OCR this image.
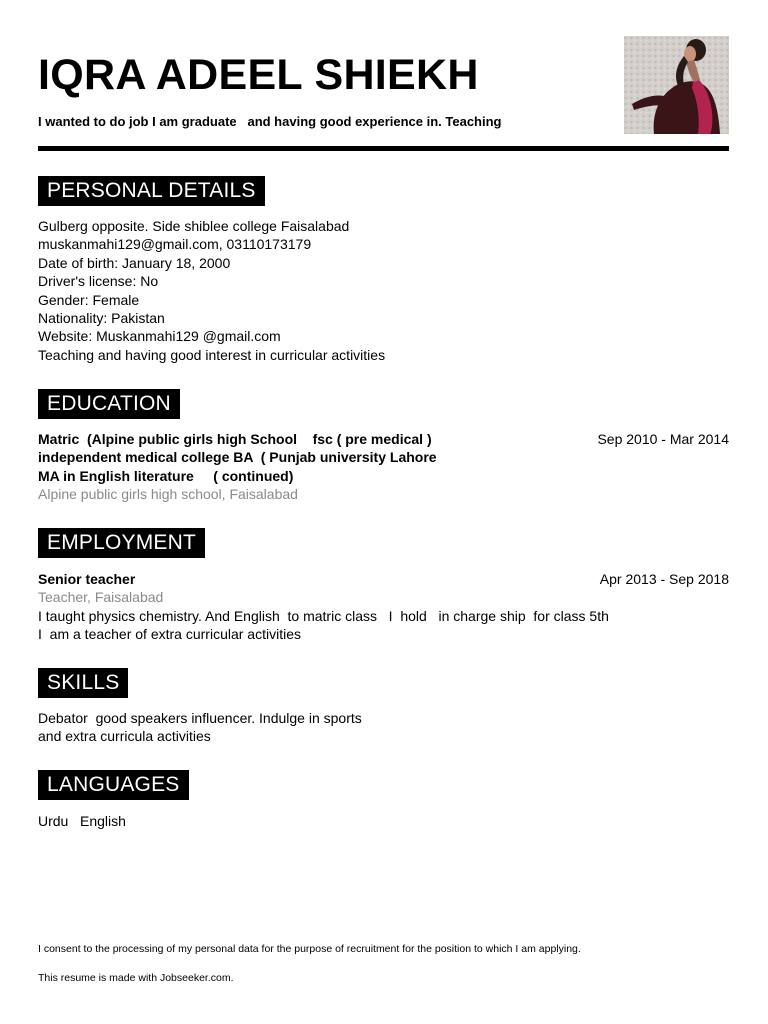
IQRA ADEEL SHIEKH
I wanted to do job I am graduate   and having good experience in. Teaching
PERSONAL DETAILS
Gulberg opposite. Side shiblee college Faisalabad
muskanmahi129@gmail.com, 03110173179
Date of birth: January 18, 2000
Driver's license: No
Gender: Female
Nationality: Pakistan
Website: Muskanmahi129 @gmail.com
Teaching and having good interest in curricular activities
EDUCATION
Matric  (Alpine public girls high School    fsc ( pre medical )	Sep 2010 - Mar 2014
independent medical college BA  ( Punjab university Lahore
MA in English literature     ( continued)
Alpine public girls high school, Faisalabad
EMPLOYMENT
Senior teacher	Apr 2013 - Sep 2018
Teacher, Faisalabad
I taught physics chemistry. And English  to matric class   I  hold   in charge ship  for class 5th
I  am a teacher of extra curricular activities
SKILLS
Debator  good speakers influencer. Indulge in sports
and extra curricula activities
LANGUAGES
Urdu   English
I consent to the processing of my personal data for the purpose of recruitment for the position to which I am applying.
This resume is made with Jobseeker.com.
